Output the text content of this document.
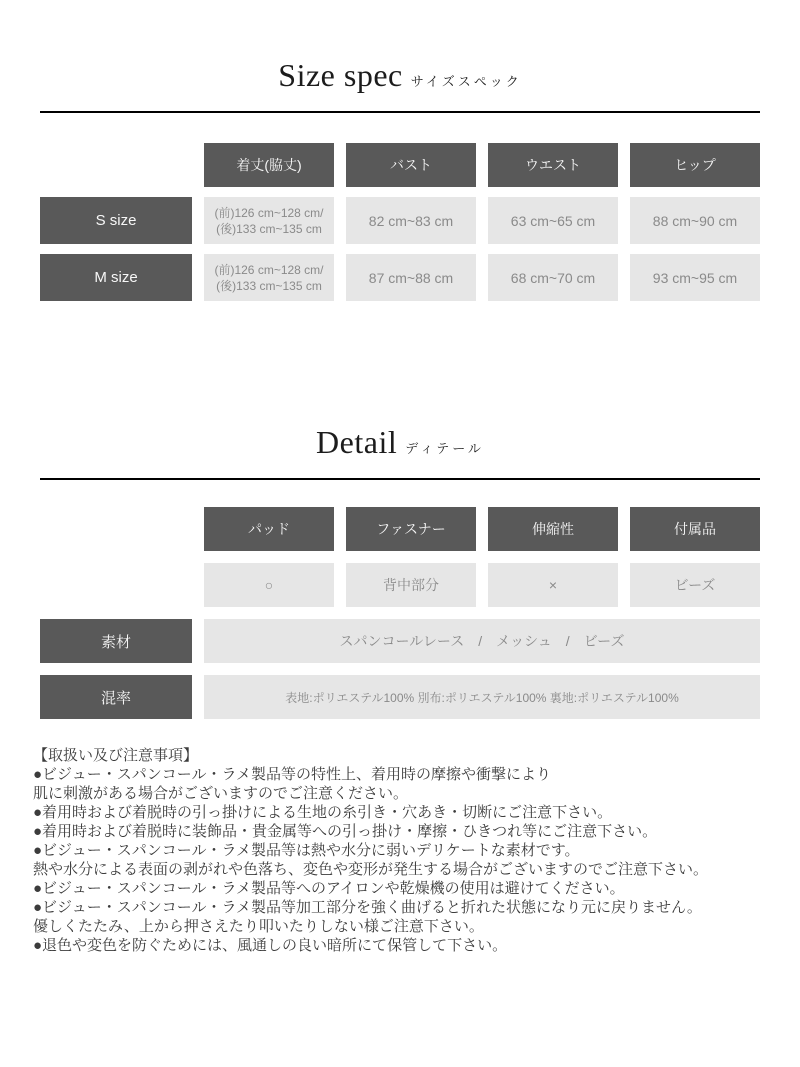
Size spec サイズスペック
着丈(脇丈)	バスト	ウエスト	ヒップ
S size	(前)126 cm~128 cm/
(後)133 cm~135 cm	82 cm~83 cm	63 cm~65 cm	88 cm~90 cm
M size	(前)126 cm~128 cm/
(後)133 cm~135 cm	87 cm~88 cm	68 cm~70 cm	93 cm~95 cm
Detail ディテール
パッド	ファスナー	伸縮性	付属品
○	背中部分	×	ビーズ
素材	スパンコールレース　/　メッシュ　/　ビーズ
混率	表地:ポリエステル100% 別布:ポリエステル100% 裏地:ポリエステル100%
【取扱い及び注意事項】
●ビジュー・スパンコール・ラメ製品等の特性上、着用時の摩擦や衝撃により
肌に刺激がある場合がございますのでご注意ください。
●着用時および着脱時の引っ掛けによる生地の糸引き・穴あき・切断にご注意下さい。
●着用時および着脱時に装飾品・貴金属等への引っ掛け・摩擦・ひきつれ等にご注意下さい。
●ビジュー・スパンコール・ラメ製品等は熱や水分に弱いデリケートな素材です。
熱や水分による表面の剥がれや色落ち、変色や変形が発生する場合がございますのでご注意下さい。
●ビジュー・スパンコール・ラメ製品等へのアイロンや乾燥機の使用は避けてください。
●ビジュー・スパンコール・ラメ製品等加工部分を強く曲げると折れた状態になり元に戻りません。
優しくたたみ、上から押さえたり叩いたりしない様ご注意下さい。
●退色や変色を防ぐためには、風通しの良い暗所にて保管して下さい。
